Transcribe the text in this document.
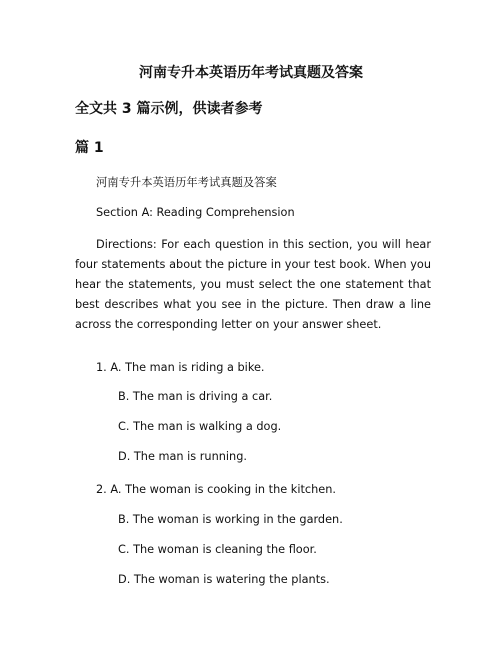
河南专升本英语历年考试真题及答案
全文共 3 篇示例，供读者参考
篇 1
河南专升本英语历年考试真题及答案
Section A: Reading Comprehension
Directions: For each question in this section, you will hear four statements about the picture in your test book. When you hear the statements, you must select the one statement that best describes what you see in the picture. Then draw a line across the corresponding letter on your answer sheet.
1. A. The man is riding a bike.
B. The man is driving a car.
C. The man is walking a dog.
D. The man is running.
2. A. The woman is cooking in the kitchen.
B. The woman is working in the garden.
C. The woman is cleaning the floor.
D. The woman is watering the plants.
